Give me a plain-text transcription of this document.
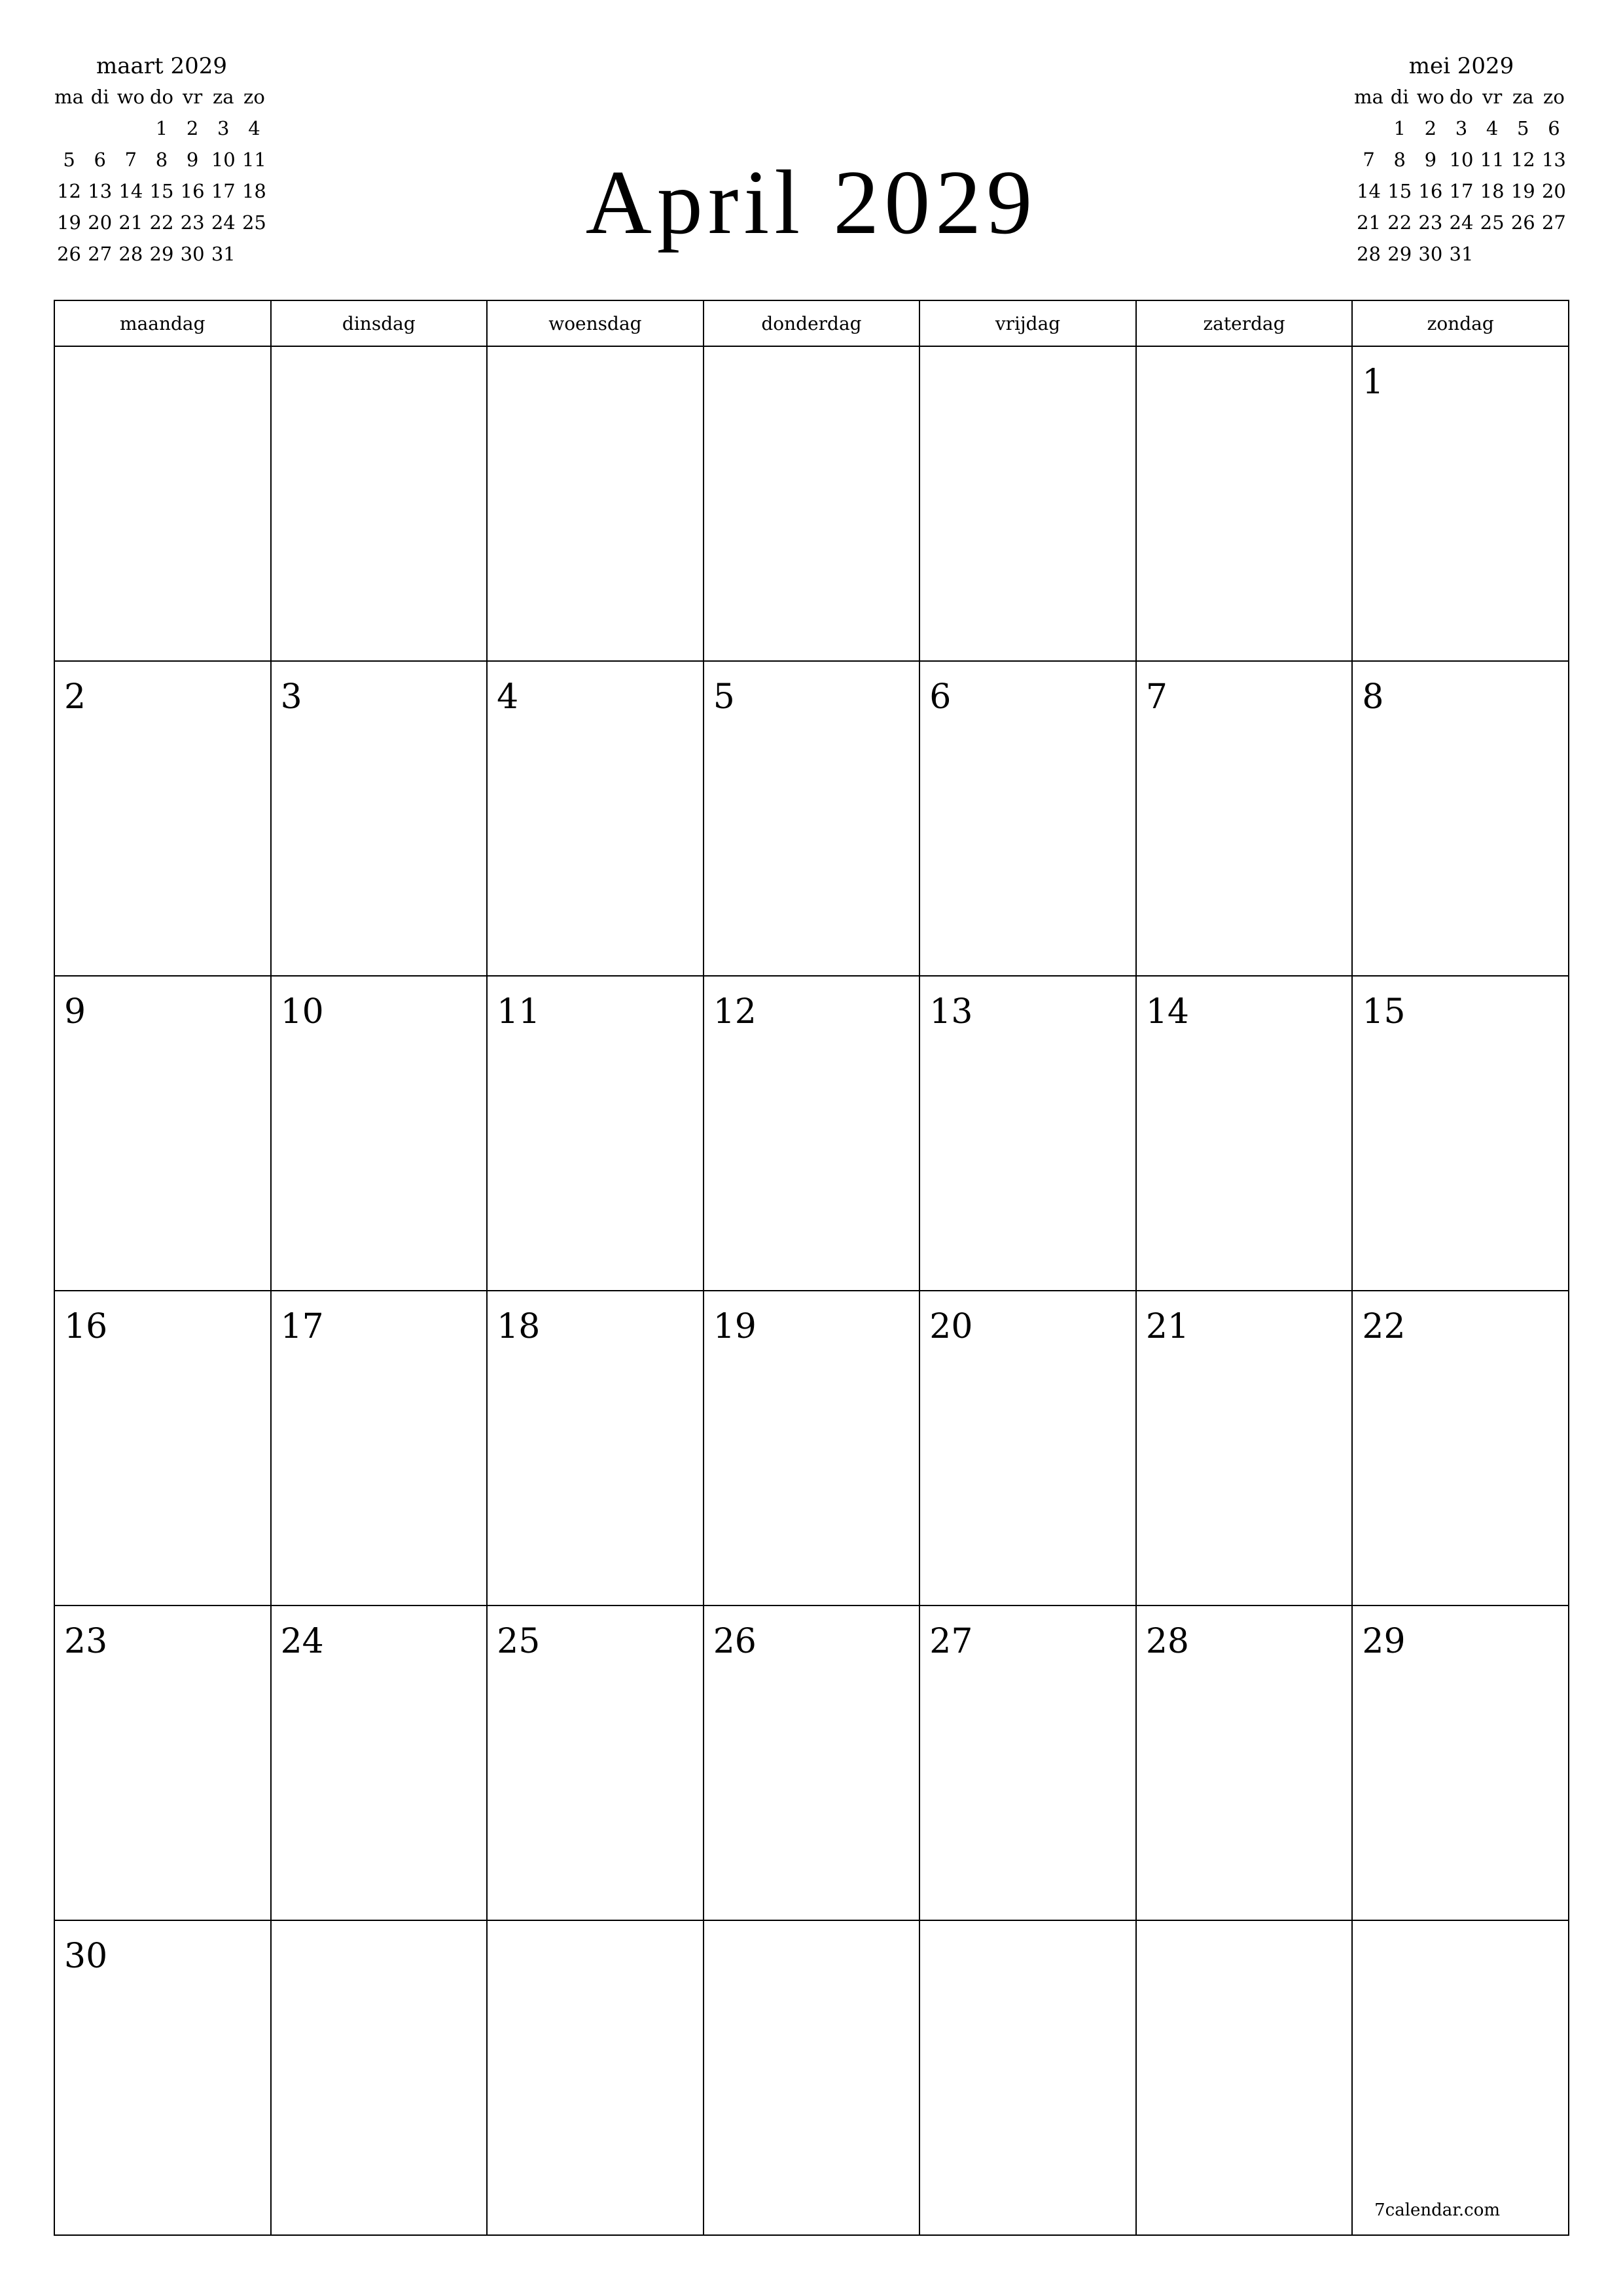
maart 2029
ma	di	wo	do	vr	za	zo
			1	2	3	4
5	6	7	8	9	10	11
12	13	14	15	16	17	18
19	20	21	22	23	24	25
26	27	28	29	30	31	
April 2029
mei 2029
ma	di	wo	do	vr	za	zo
	1	2	3	4	5	6
7	8	9	10	11	12	13
14	15	16	17	18	19	20
21	22	23	24	25	26	27
28	29	30	31			
maandag	dinsdag	woensdag	donderdag	vrijdag	zaterdag	zondag

						1

2	3	4	5	6	7	8

9	10	11	12	13	14	15

16	17	18	19	20	21	22

23	24	25	26	27	28	29

30						7calendar.com
